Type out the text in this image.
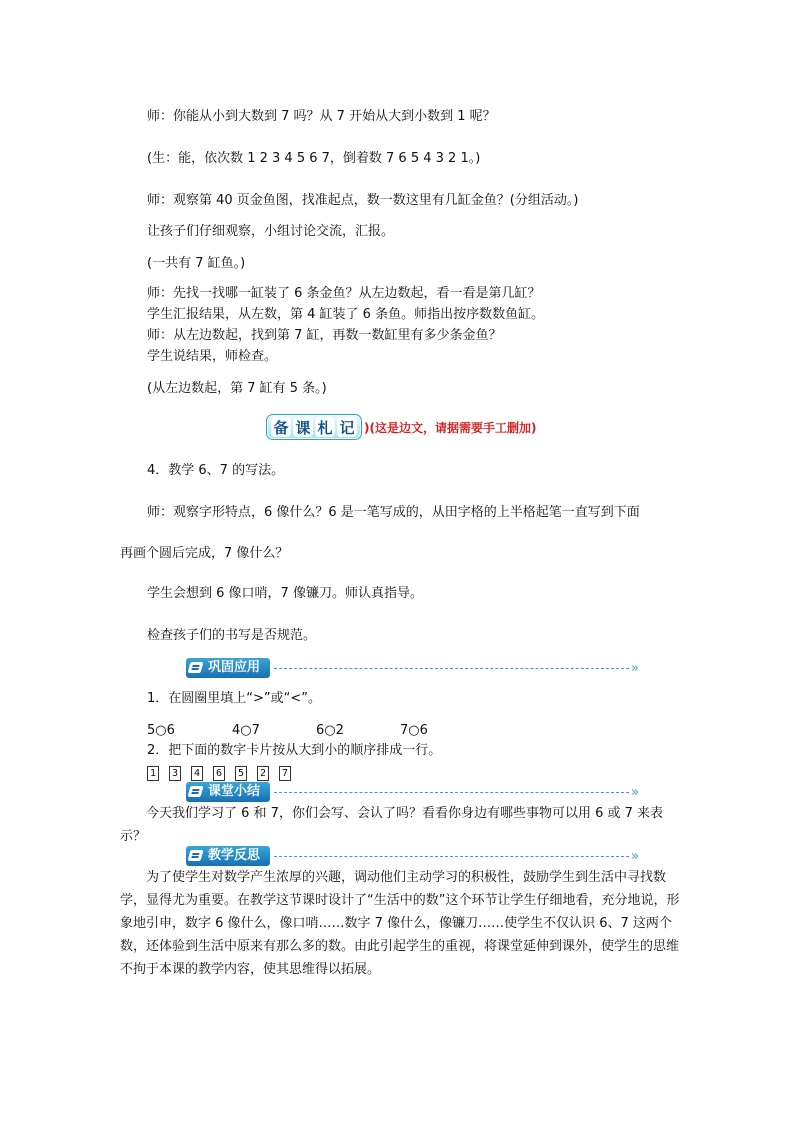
师：你能从小到大数到 7 吗？从 7 开始从大到小数到 1 呢？
(生：能，依次数 1 2 3 4 5 6 7，倒着数 7 6 5 4 3 2 1。)
师：观察第 40 页金鱼图，找准起点，数一数这里有几缸金鱼？(分组活动。)
让孩子们仔细观察，小组讨论交流，汇报。
(一共有 7 缸鱼。)
师：先找一找哪一缸装了 6 条金鱼？从左边数起，看一看是第几缸？
学生汇报结果，从左数，第 4 缸装了 6 条鱼。师指出按序数数鱼缸。
师：从左边数起，找到第 7 缸，再数一数缸里有多少条金鱼？
学生说结果，师检查。
(从左边数起，第 7 缸有 5 条。)
备 课 札 记 )(这是边文，请据需要手工删加)
4．教学 6、7 的写法。
师：观察字形特点，6 像什么？6 是一笔写成的，从田字格的上半格起笔一直写到下面
再画个圆后完成，7 像什么？
学生会想到 6 像口哨，7 像镰刀。师认真指导。
检查孩子们的书写是否规范。
巩固应用	»
1．在圆圈里填上“>”或“<”。
5○6	4○7	6○2	7○6
2．把下面的数字卡片按从大到小的顺序排成一行。
1 3 4 6 5 2 7
课堂小结	»

今天我们学习了 6 和 7，你们会写、会认了吗？看看你身边有哪些事物可以用 6 或 7 来表示？

教学反思	»

为了使学生对数学产生浓厚的兴趣，调动他们主动学习的积极性，鼓励学生到生活中寻找数学，显得尤为重要。在教学这节课时设计了“生活中的数”这个环节让学生仔细地看，充分地说，形象地引申，数字 6 像什么，像口哨……数字 7 像什么，像镰刀……使学生不仅认识 6、7 这两个数，还体验到生活中原来有那么多的数。由此引起学生的重视，将课堂延伸到课外，使学生的思维不拘于本课的教学内容，使其思维得以拓展。
